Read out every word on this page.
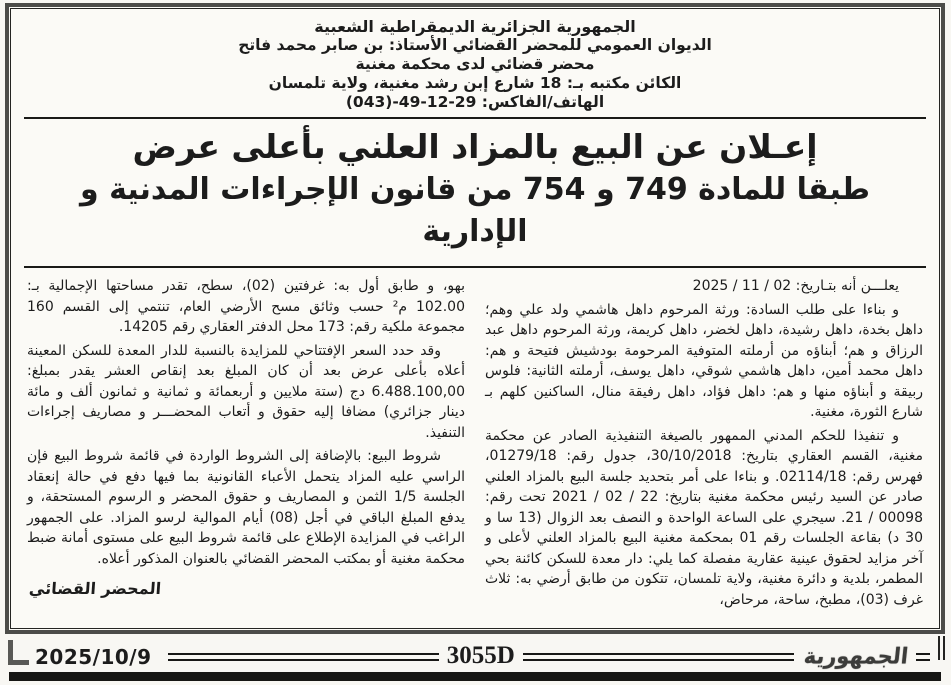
الجمهورية الجزائرية الديمقراطية الشعبية
الديوان العمومي للمحضر القضائي الأستاذ: بن صابر محمد فاتح
محضر قضائي لدى محكمة مغنية
الكائن مكتبه بـ: 18 شارع إبن رشد مغنية، ولاية تلمسان
الهاتف/الفاكس: (043)-49-12-29
إعـلان عن البيع بالمزاد العلني بأعلى عرض
طبقا للمادة 749 و 754 من قانون الإجراءات المدنية و الإدارية

يعلـــن أنه بتـاريخ: 02 / 11 / 2025

و بناءا على طلب السادة: ورثة المرحوم داهل هاشمي ولد علي وهم؛ داهل بخدة، داهل رشيدة، داهل لخضر، داهل كريمة، ورثة المرحوم داهل عبد الرزاق و هم؛ أبناؤه من أرملته المتوفية المرحومة بودشيش فتيحة و هم: داهل محمد أمين، داهل هاشمي شوقي، داهل يوسف، أرملته الثانية: فلوس ربيقة و أبناؤه منها و هم: داهل فؤاد، داهل رفيقة منال، الساكنين كلهم بـ شارع الثورة، مغنية.

و تنفيذا للحكم المدني الممهور بالصيغة التنفيذية الصادر عن محكمة مغنية، القسم العقاري بتاريخ: 30/10/2018، جدول رقم: 01279/18، فهرس رقم: 02114/18. و بناءا على أمر بتحديد جلسة البيع بالمزاد العلني صادر عن السيد رئيس محكمة مغنية بتاريخ: 22 / 02 / 2021 تحت رقم: 00098 / 21. سيجري على الساعة الواحدة و النصف بعد الزوال (13 سا و 30 د) بقاعة الجلسات رقم 01 بمحكمة مغنية البيع بالمزاد العلني لأعلى و آخر مزايد لحقوق عينية عقارية مفصلة كما يلي: دار معدة للسكن كائنة بحي المطمر، بلدية و دائرة مغنية، ولاية تلمسان، تتكون من طابق أرضي به: ثلاث غرف (03)، مطبخ، ساحة، مرحاض،

بهو، و طابق أول به: غرفتين (02)، سطح، تقدر مساحتها الإجمالية بـ: 102.00 م² حسب وثائق مسح الأرضي العام، تنتمي إلى القسم 160 مجموعة ملكية رقم: 173 محل الدفتر العقاري رقم 14205.

وقد حدد السعر الإفتتاحي للمزايدة بالنسبة للدار المعدة للسكن المعينة أعلاه بأعلى عرض بعد أن كان المبلغ بعد إنقاص العشر يقدر بمبلغ: 6.488.100,00 دج (ستة ملايين و أربعمائة و ثمانية و ثمانون ألف و مائة دينار جزائري) مضافا إليه حقوق و أتعاب المحضـــر و مصاريف إجراءات التنفيذ.

شروط البيع: بالإضافة إلى الشروط الواردة في قائمة شروط البيع فإن الراسي عليه المزاد يتحمل الأعباء القانونية بما فيها دفع في حالة إنعقاد الجلسة 1/5 الثمن و المصاريف و حقوق المحضر و الرسوم المستحقة، و يدفع المبلغ الباقي في أجل (08) أيام الموالية لرسو المزاد. على الجمهور الراغب في المزايدة الإطلاع على قائمة شروط البيع على مستوى أمانة ضبط محكمة مغنية أو بمكتب المحضر القضائي بالعنوان المذكور أعلاه.

المحضر القضائي
2025/10/9	3055D	الجمهورية
